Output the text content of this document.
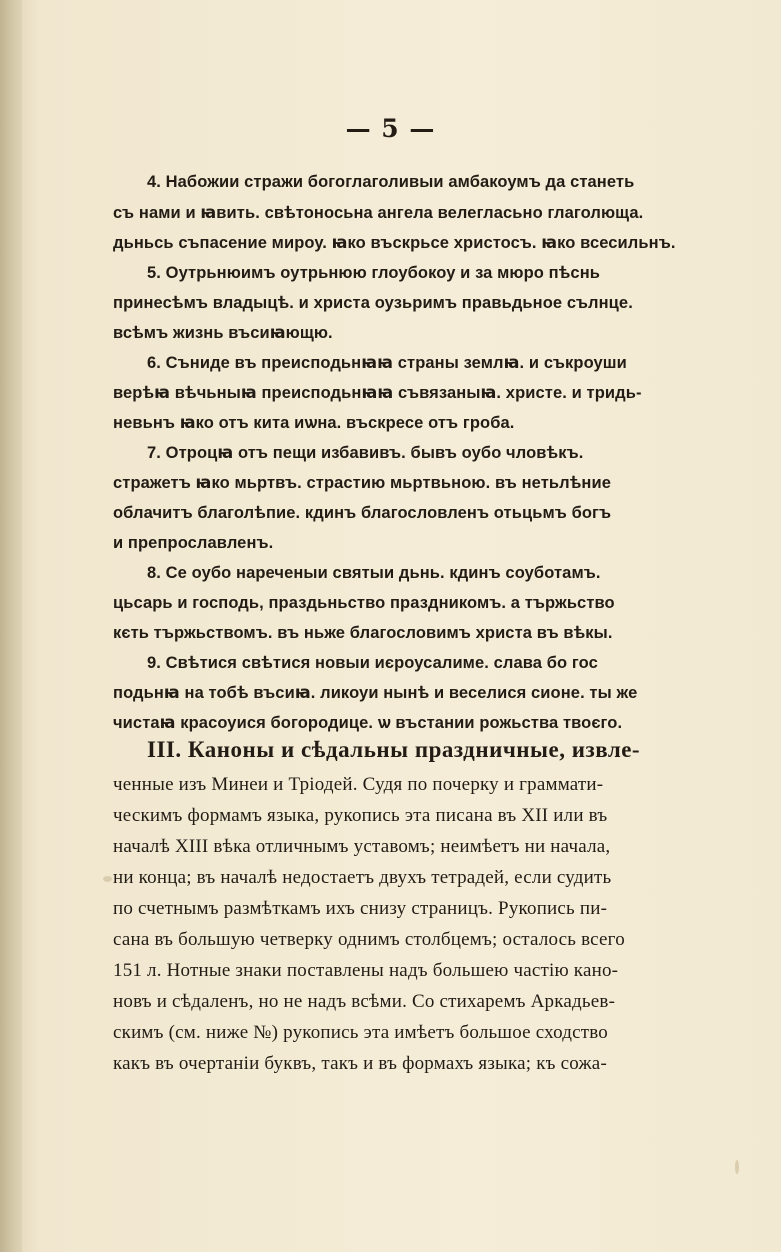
— 5 —
4. Набожии стражи богоглаголивыи амбакоумъ да станеть
съ нами и ꙗвить. свѣтоносьна ангела велеглаcьно глаголюща.
дьньсь съпасение мироу. ꙗко въскрьсе христосъ. ꙗко всесильнъ.
5. Оутрьнюимъ оутрьнюю глоубокоу и за мюро пѣснь
принесѣмъ владыцѣ. и христа оузьримъ правьдьное сълнце.
всѣмъ жизнь въсиꙗющю.
6. Сънидe въ преисподьнꙗꙗ страны землꙗ. и съкроуши
верѣꙗ вѣчьныꙗ преисподьнꙗꙗ съвязаныꙗ. христе. и тридь-
невьнъ ꙗко отъ кита иѡна. въскресе отъ гроба.
7. Отроцꙗ отъ пещи избавивъ. бывъ оубо чловѣкъ.
стражетъ ꙗко мьртвъ. страстию мьртвьною. въ нетьлѣние
облачитъ благолѣпие. кдинъ благословленъ отьцьмъ богъ
и препрославленъ.
8. Се оубо нареченыи святыи дьнь. кдинъ соуботамъ.
цьсарь и господь, праздьньство праздникомъ. а тържьство
кєть тържьствомъ. въ ньже благословимъ христа въ вѣкы.
9. Свѣтися свѣтися новыи иєроусалиме. слава бо гос
подьнꙗ на тобѣ въсиꙗ. ликоуи нынѣ и веселися сионе. ты же
чистаꙗ красоуися богородице. ѡ въстании рожьства твоєго.
III. Каноны и сѣдальны праздничные, извле-
ченные изъ Минеи и Тріодей. Судя по почерку и граммати-
ческимъ формамъ языка, рукопись эта писана въ XII или въ
началѣ XIII вѣка отличнымъ уставомъ; неимѣетъ ни начала,
ни конца; въ началѣ недостаетъ двухъ тетрадей, если судить
по счетнымъ размѣткамъ ихъ снизу страницъ. Рукопись пи-
сана въ большую четверку однимъ столбцемъ; осталось всего
151 л. Нотные знаки поставлены надъ большею частію кано-
новъ и сѣдаленъ, но не надъ всѣми. Со стихаремъ Аркадьев-
скимъ (см. ниже №) рукопись эта имѣетъ большое сходство
какъ въ очертаніи буквъ, такъ и въ формахъ языка; къ сожа-
